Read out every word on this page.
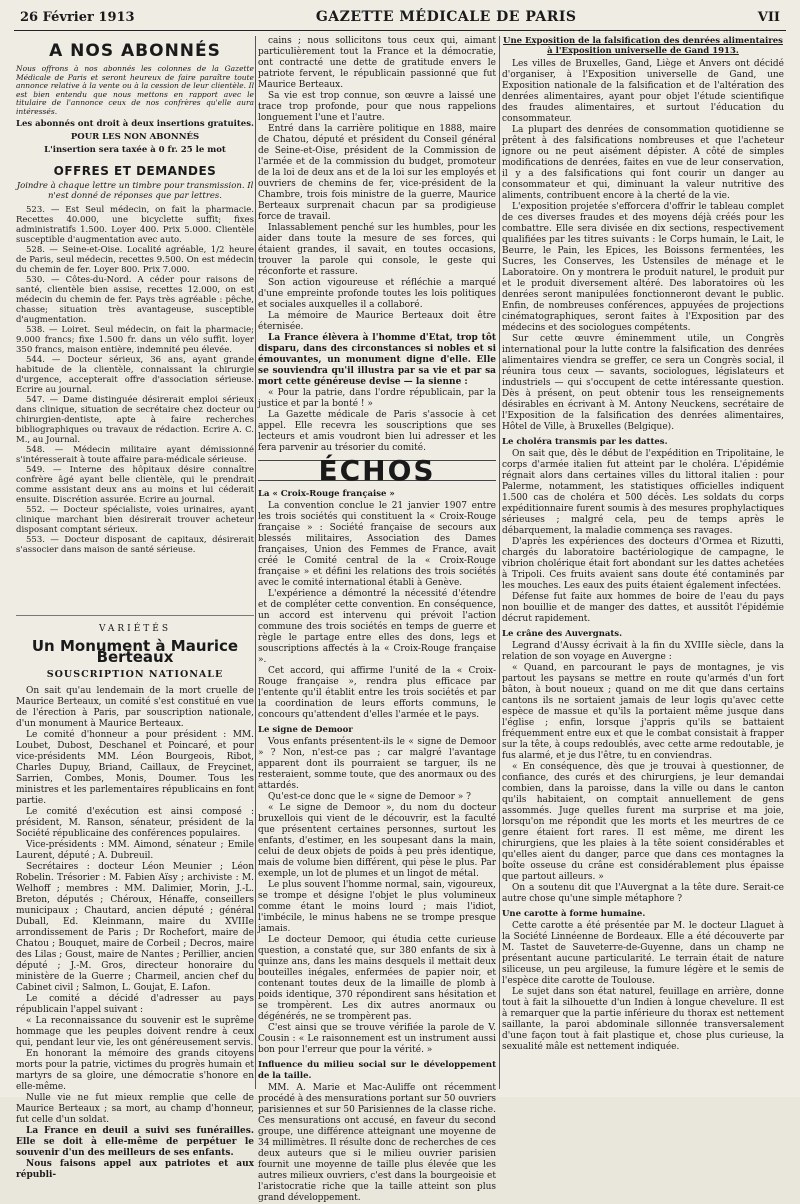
26 Février 1913	GAZETTE MÉDICALE DE PARIS	VII
A NOS ABONNÉS

Nous offrons à nos abonnés les colonnes de la Gazette Médicale de Paris et seront heureux de faire paraître toute annonce relative à la vente ou à la cession de leur clientèle. Il est bien entendu que nous mettons en rapport avec le titulaire de l'annonce ceux de nos confrères qu'elle aura intéressés.

Les abonnés ont droit à deux insertions gratuites.
POUR LES NON ABONNÉS
L'insertion sera taxée à 0 fr. 25 le mot
OFFRES ET DEMANDES

Joindre à chaque lettre un timbre pour transmission. Il n'est donné de réponses que par lettres.

523. — Est Seul médecin, on fait la pharmacie. Recettes 40.000, une bicyclette suffit; fixes administratifs 1.500. Loyer 400. Prix 5.000. Clientèle susceptible d'augmentation avec auto.

528. — Seine-et-Oise. Localité agréable, 1/2 heure de Paris, seul médecin, recettes 9.500. On est médecin du chemin de fer. Loyer 800. Prix 7.000.

530. — Côtes-du-Nord. A céder pour raisons de santé, clientèle bien assise, recettes 12.000, on est médecin du chemin de fer. Pays très agréable : pêche, chasse; situation très avantageuse, susceptible d'augmentation.

538. — Loiret. Seul médecin, on fait la pharmacie; 9.000 francs; fixe 1.500 fr. dans un vélo suffit. loyer 350 francs, maison entière, indemnité peu élevée.

544. — Docteur sérieux, 36 ans, ayant grande habitude de la clientèle, connaissant la chirurgie d'urgence, accepterait offre d'association sérieuse. Ecrire au journal.

547. — Dame distinguée désirerait emploi sérieux dans clinique, situation de secrétaire chez docteur ou chirurgien-dentiste, apte à faire recherches bibliographiques ou travaux de rédaction. Ecrire A. C. M., au Journal.

548. — Médecin militaire ayant démissionné s'intéresserait à toute affaire para-médicale sérieuse.

549. — Interne des hôpitaux désire connaître confrère âgé ayant belle clientèle, qui le prendrait comme assistant deux ans au moins et lui céderait ensuite. Discrétion assurée. Ecrire au journal.

552. — Docteur spécialiste, voies urinaires, ayant clinique marchant bien désirerait trouver acheteur disposant comptant sérieux.

553. — Docteur disposant de capitaux, désirerait s'associer dans maison de santé sérieuse.

VARIÉTÉS
Un Monument à Maurice Berteaux
SOUSCRIPTION NATIONALE

On sait qu'au lendemain de la mort cruelle de Maurice Berteaux, un comité s'est constitué en vue de l'érection à Paris, par souscription nationale, d'un monument à Maurice Berteaux.

Le comité d'honneur a pour président : MM. Loubet, Dubost, Deschanel et Poincaré, et pour vice-présidents MM. Léon Bourgeois, Ribot, Charles Dupuy, Briand, Caillaux, de Freycinet, Sarrien, Combes, Monis, Doumer. Tous les ministres et les parlementaires républicains en font partie.

Le comité d'exécution est ainsi composé : président, M. Ranson, sénateur, président de la Société républicaine des conférences populaires.

Vice-présidents : MM. Aimond, sénateur ; Emile Laurent, député ; A. Dubreuil.

Secrétaires : docteur Léon Meunier ; Léon Robelin. Trésorier : M. Fabien Aïsy ; archiviste : M. Welhoff ; membres : MM. Dalimier, Morin, J.-L. Breton, députés ; Chéroux, Hénaffe, conseillers municipaux ; Chautard, ancien député ; général Duball, Ed. Kleinmann, maire du XVIIIe arrondissement de Paris ; Dr Rochefort, maire de Chatou ; Bouquet, maire de Corbeil ; Decros, maire des Lilas ; Goust, maire de Nantes ; Perillier, ancien député ; J.-M. Gros, directeur honoraire du ministère de la Guerre ; Charmeil, ancien chef du Cabinet civil ; Salmon, L. Goujat, E. Lafon.

Le comité a décidé d'adresser au pays républicain l'appel suivant :

« La reconnaissance du souvenir est le suprême hommage que les peuples doivent rendre à ceux qui, pendant leur vie, les ont généreusement servis.

En honorant la mémoire des grands citoyens morts pour la patrie, victimes du progrès humain et martyrs de sa gloire, une démocratie s'honore en elle-même.

Nulle vie ne fut mieux remplie que celle de Maurice Berteaux ; sa mort, au champ d'honneur, fut celle d'un soldat.

La France en deuil a suivi ses funérailles. Elle se doit à elle-même de perpétuer le souvenir d'un des meilleurs de ses enfants.

Nous faisons appel aux patriotes et aux républi-

cains ; nous sollicitons tous ceux qui, aimant particulièrement tout la France et la démocratie, ont contracté une dette de gratitude envers le patriote fervent, le républicain passionné que fut Maurice Berteaux.

Sa vie est trop connue, son œuvre a laissé une trace trop profonde, pour que nous rappelions longuement l'une et l'autre.

Entré dans la carrière politique en 1888, maire de Chatou, député et président du Conseil général de Seine-et-Oise, président de la Commission de l'armée et de la commission du budget, promoteur de la loi de deux ans et de la loi sur les employés et ouvriers de chemins de fer, vice-président de la Chambre, trois fois ministre de la guerre, Maurice Berteaux surprenait chacun par sa prodigieuse force de travail.

Inlassablement penché sur les humbles, pour les aider dans toute la mesure de ses forces, qui étaient grandes, il savait, en toutes occasions, trouver la parole qui console, le geste qui réconforte et rassure.

Son action vigoureuse et réfléchie a marqué d'une empreinte profonde toutes les lois politiques et sociales auxquelles il a collaboré.

La mémoire de Maurice Berteaux doit être éternisée.

La France élèvera à l'homme d'Etat, trop tôt disparu, dans des circonstances si nobles et si émouvantes, un monument digne d'elle. Elle se souviendra qu'il illustra par sa vie et par sa mort cette généreuse devise — la sienne :

« Pour la patrie, dans l'ordre républicain, par la justice et par la bonté ! »

La Gazette médicale de Paris s'associe à cet appel. Elle recevra les souscriptions que ses lecteurs et amis voudront bien lui adresser et les fera parvenir au trésorier du comité.

ÉCHOS
La « Croix-Rouge française »

La convention conclue le 21 janvier 1907 entre les trois sociétés qui constituent la « Croix-Rouge française » : Société française de secours aux blessés militaires, Association des Dames françaises, Union des Femmes de France, avait créé le Comité central de la « Croix-Rouge française » et défini les relations des trois sociétés avec le comité international établi à Genève.

L'expérience a démontré la nécessité d'étendre et de compléter cette convention. En conséquence, un accord est intervenu qui prévoit l'action commune des trois sociétés en temps de guerre et règle le partage entre elles des dons, legs et souscriptions affectés à la « Croix-Rouge française ».

Cet accord, qui affirme l'unité de la « Croix-Rouge française », rendra plus efficace par l'entente qu'il établit entre les trois sociétés et par la coordination de leurs efforts communs, le concours qu'attendent d'elles l'armée et le pays.

Le signe de Demoor

Vous enfants présentent-ils le « signe de Demoor » ? Non, n'est-ce pas ; car malgré l'avantage apparent dont ils pourraient se targuer, ils ne resteraient, somme toute, que des anormaux ou des attardés.

Qu'est-ce donc que le « signe de Demoor » ?

« Le signe de Demoor », du nom du docteur bruxellois qui vient de le découvrir, est la faculté que présentent certaines personnes, surtout les enfants, d'estimer, en les soupesant dans la main, celui de deux objets de poids à peu près identique, mais de volume bien différent, qui pèse le plus. Par exemple, un lot de plumes et un lingot de métal.

Le plus souvent l'homme normal, sain, vigoureux, se trompe et désigne l'objet le plus volumineux comme étant le moins lourd ; mais l'idiot, l'imbécile, le minus habens ne se trompe presque jamais.

Le docteur Demoor, qui étudia cette curieuse question, a constaté que, sur 380 enfants de six à quinze ans, dans les mains desquels il mettait deux bouteilles inégales, enfermées de papier noir, et contenant toutes deux de la limaille de plomb à poids identique, 370 répondirent sans hésitation et se trompèrent. Les dix autres anormaux ou dégénérés, ne se trompèrent pas.

C'est ainsi que se trouve vérifiée la parole de V. Cousin : « Le raisonnement est un instrument aussi bon pour l'erreur que pour la vérité. »

Influence du milieu social sur le développement de la taille.

MM. A. Marie et Mac-Auliffe ont récemment procédé à des mensurations portant sur 50 ouvriers parisiennes et sur 50 Parisiennes de la classe riche. Ces mensurations ont accusé, en faveur du second groupe, une différence atteignant une moyenne de 34 millimètres. Il résulte donc de recherches de ces deux auteurs que si le milieu ouvrier parisien fournit une moyenne de taille plus élevée que les autres milieux ouvriers, c'est dans la bourgeoisie et l'aristocratie riche que la taille atteint son plus grand développement.

Une Exposition de la falsification des denrées alimentaires à l'Exposition universelle de Gand 1913.

Les villes de Bruxelles, Gand, Liège et Anvers ont décidé d'organiser, à l'Exposition universelle de Gand, une Exposition nationale de la falsification et de l'altération des denrées alimentaires, ayant pour objet l'étude scientifique des fraudes alimentaires, et surtout l'éducation du consommateur.

La plupart des denrées de consommation quotidienne se prêtent à des falsifications nombreuses et que l'acheteur ignore ou ne peut aisément dépister. A côté de simples modifications de denrées, faites en vue de leur conservation, il y a des falsifications qui font courir un danger au consommateur et qui, diminuant la valeur nutritive des aliments, contribuent encore à la cherté de la vie.

L'exposition projetée s'efforcera d'offrir le tableau complet de ces diverses fraudes et des moyens déjà créés pour les combattre. Elle sera divisée en dix sections, respectivement qualifiées par les titres suivants : le Corps humain, le Lait, le Beurre, le Pain, les Epices, les Boissons fermentées, les Sucres, les Conserves, les Ustensiles de ménage et le Laboratoire. On y montrera le produit naturel, le produit pur et le produit diversement altéré. Des laboratoires où les denrées seront manipulées fonctionneront devant le public. Enfin, de nombreuses conférences, appuyées de projections cinématographiques, seront faites à l'Exposition par des médecins et des sociologues compétents.

Sur cette œuvre éminemment utile, un Congrès international pour la lutte contre la falsification des denrées alimentaires viendra se greffer, ce sera un Congrès social, il réunira tous ceux — savants, sociologues, législateurs et industriels — qui s'occupent de cette intéressante question. Dès à présent, on peut obtenir tous les renseignements désirables en écrivant à M. Antony Neuckens, secrétaire de l'Exposition de la falsification des denrées alimentaires, Hôtel de Ville, à Bruxelles (Belgique).

Le choléra transmis par les dattes.

On sait que, dès le début de l'expédition en Tripolitaine, le corps d'armée italien fut atteint par le choléra. L'épidémie régnait alors dans certaines villes du littoral italien : pour Palerme, notamment, les statistiques officielles indiquent 1.500 cas de choléra et 500 décès. Les soldats du corps expéditionnaire furent soumis à des mesures prophylactiques sérieuses ; malgré cela, peu de temps après le débarquement, la maladie commença ses ravages.

D'après les expériences des docteurs d'Ormea et Rizutti, chargés du laboratoire bactériologique de campagne, le vibrion cholérique était fort abondant sur les dattes achetées à Tripoli. Ces fruits avaient sans doute été contaminés par les mouches. Les eaux des puits étaient également infectées.

Défense fut faite aux hommes de boire de l'eau du pays non bouillie et de manger des dattes, et aussitôt l'épidémie décrut rapidement.

Le crâne des Auvergnats.

Legrand d'Aussy écrivait à la fin du XVIIIe siècle, dans la relation de son voyage en Auvergne :

« Quand, en parcourant le pays de montagnes, je vis partout les paysans se mettre en route qu'armés d'un fort bâton, à bout noueux ; quand on me dit que dans certains cantons ils ne sortaient jamais de leur logis qu'avec cette espèce de massue et qu'ils la portaient même jusque dans l'église ; enfin, lorsque j'appris qu'ils se battaient fréquemment entre eux et que le combat consistait à frapper sur la tête, à coups redoublés, avec cette arme redoutable, je fus alarmé, et je dus l'être, tu en conviendras.

« En conséquence, dès que je trouvai à questionner, de confiance, des curés et des chirurgiens, je leur demandai combien, dans la paroisse, dans la ville ou dans le canton qu'ils habitaient, on comptait annuellement de gens assommés. Juge quelles furent ma surprise et ma joie, lorsqu'on me répondit que les morts et les meurtres de ce genre étaient fort rares. Il est même, me dirent les chirurgiens, que les plaies à la tête soient considérables et qu'elles aient du danger, parce que dans ces montagnes la boîte osseuse du crâne est considérablement plus épaisse que partout ailleurs. »

On a soutenu dit que l'Auvergnat a la tête dure. Serait-ce autre chose qu'une simple métaphore ?

Une carotte à forme humaine.

Cette carotte a été présentée par M. le docteur Llaguet à la Société Linnéenne de Bordeaux. Elle a été découverte par M. Tastet de Sauveterre-de-Guyenne, dans un champ ne présentant aucune particularité. Le terrain était de nature siliceuse, un peu argileuse, la fumure légère et le semis de l'espèce dite carotte de Toulouse.

Le sujet dans son état naturel, feuillage en arrière, donne tout à fait la silhouette d'un Indien à longue chevelure. Il est à remarquer que la partie inférieure du thorax est nettement saillante, la paroi abdominale sillonnée transversalement d'une façon tout à fait plastique et, chose plus curieuse, la sexualité mâle est nettement indiquée.
